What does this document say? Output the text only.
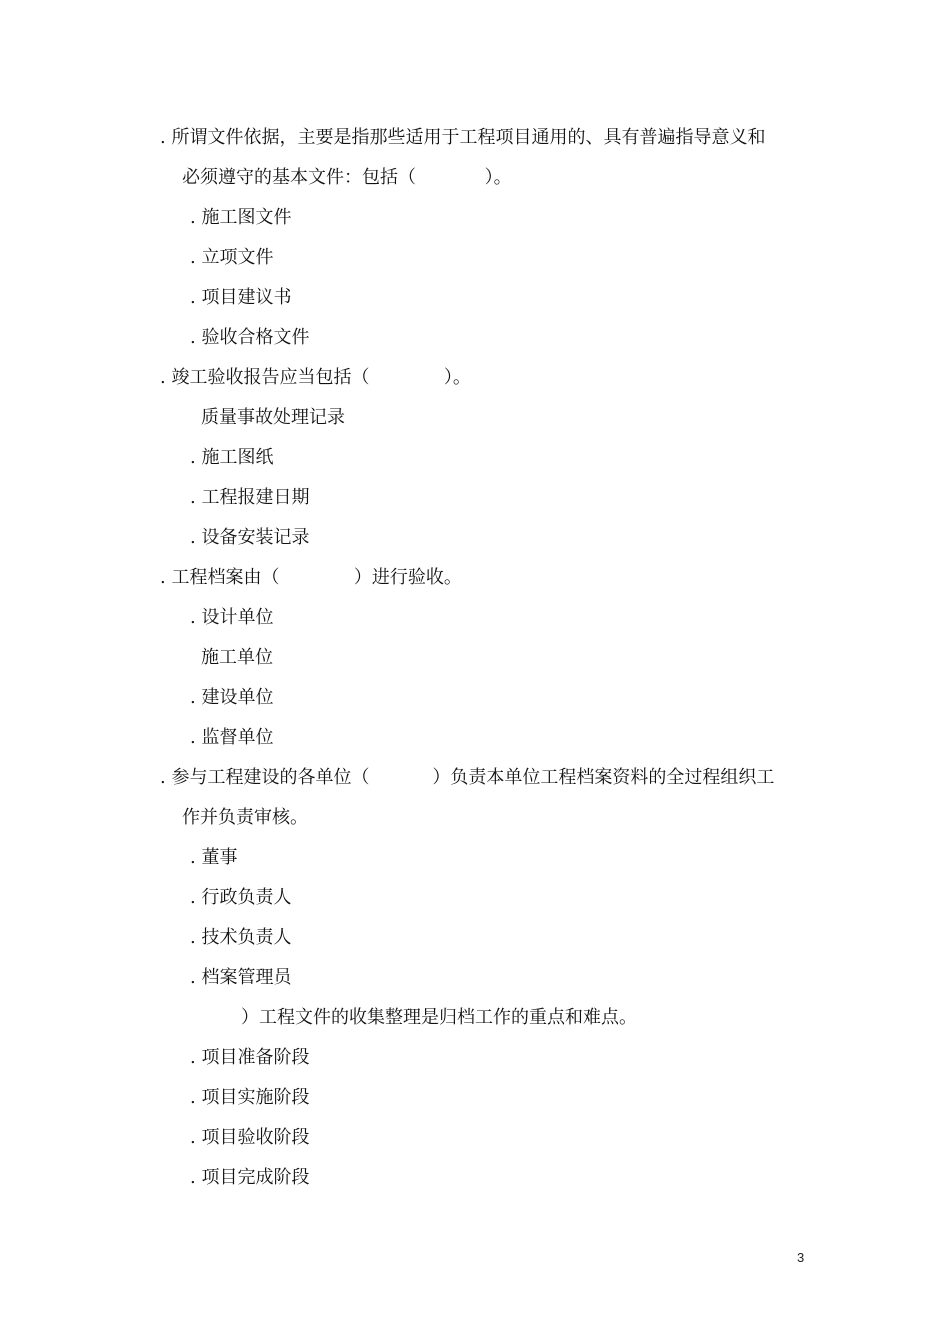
. 所谓文件依据，主要是指那些适用于工程项目通用的、具有普遍指导意义和
必须遵守的基本文件：包括（            ）。
. 施工图文件
. 立项文件
. 项目建议书
. 验收合格文件
. 竣工验收报告应当包括（             ）。
质量事故处理记录
. 施工图纸
. 工程报建日期
. 设备安装记录
. 工程档案由（             ）进行验收。
. 设计单位
施工单位
. 建设单位
. 监督单位
. 参与工程建设的各单位（           ）负责本单位工程档案资料的全过程组织工
作并负责审核。
. 董事
. 行政负责人
. 技术负责人
. 档案管理员
）工程文件的收集整理是归档工作的重点和难点。
. 项目准备阶段
. 项目实施阶段
. 项目验收阶段
. 项目完成阶段
3
